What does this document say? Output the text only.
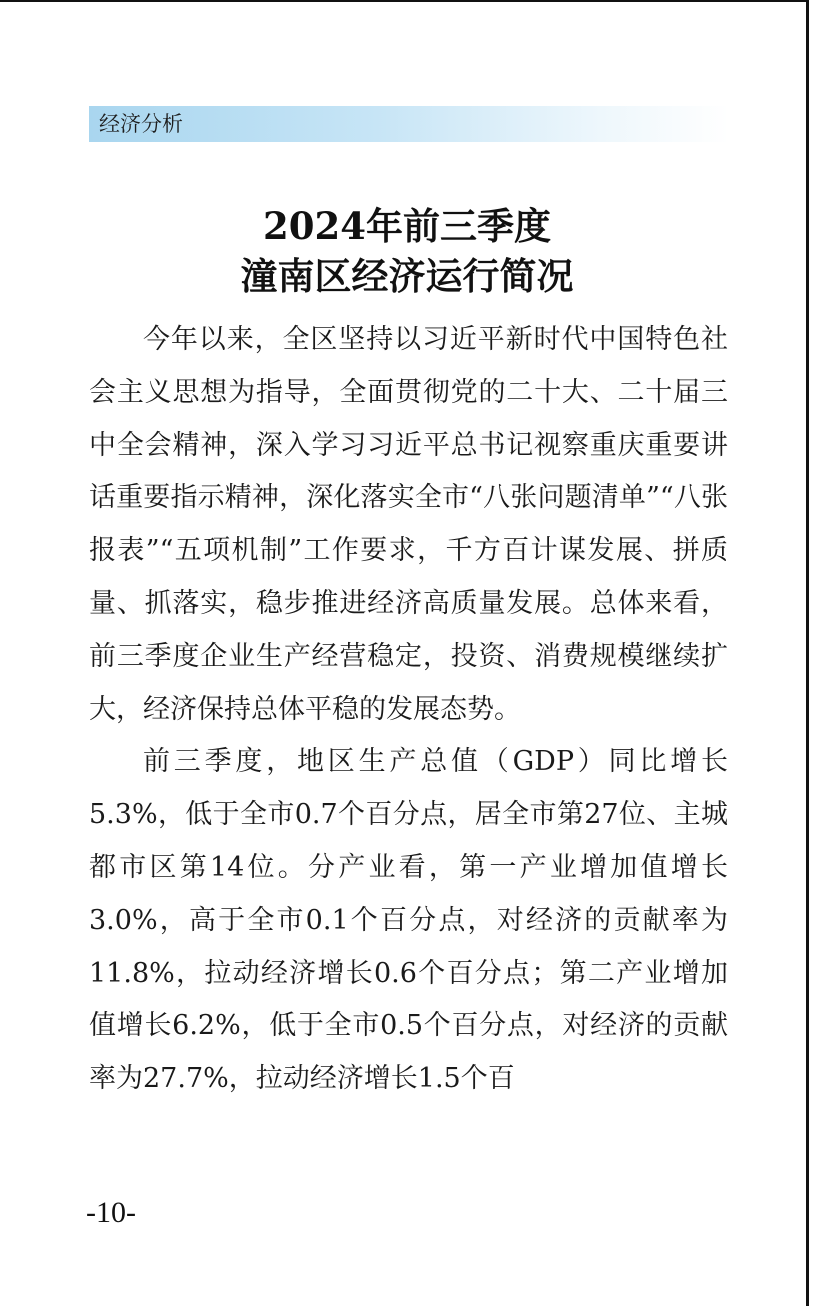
经济分析
2024年前三季度
潼南区经济运行简况

今年以来，全区坚持以习近平新时代中国特色社会主义思想为指导，全面贯彻党的二十大、二十届三中全会精神，深入学习习近平总书记视察重庆重要讲话重要指示精神，深化落实全市“八张问题清单”“八张报表”“五项机制”工作要求，千方百计谋发展、拼质量、抓落实，稳步推进经济高质量发展。总体来看，前三季度企业生产经营稳定，投资、消费规模继续扩大，经济保持总体平稳的发展态势。

前三季度，地区生产总值（GDP）同比增长5.3%，低于全市0.7个百分点，居全市第27位、主城都市区第14位。分产业看，第一产业增加值增长3.0%，高于全市0.1个百分点，对经济的贡献率为11.8%，拉动经济增长0.6个百分点；第二产业增加值增长6.2%，低于全市0.5个百分点，对经济的贡献率为27.7%，拉动经济增长1.5个百

-10-
